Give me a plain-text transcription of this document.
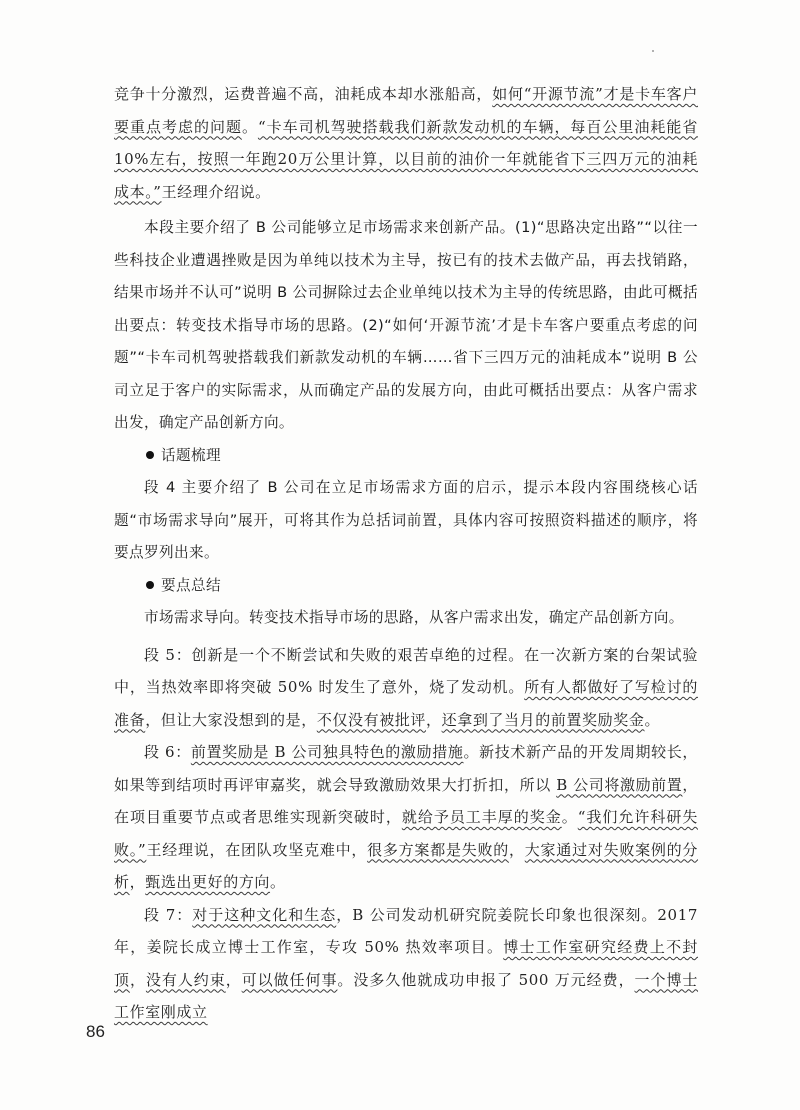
竞争十分激烈，运费普遍不高，油耗成本却水涨船高，如何“开源节流”才是卡车客户要重点考虑的问题。“卡车司机驾驶搭载我们新款发动机的车辆，每百公里油耗能省10%左右，按照一年跑20万公里计算，以目前的油价一年就能省下三四万元的油耗成本。”王经理介绍说。

本段主要介绍了 B 公司能够立足市场需求来创新产品。(1)“思路决定出路”“以往一些科技企业遭遇挫败是因为单纯以技术为主导，按已有的技术去做产品，再去找销路，结果市场并不认可”说明 B 公司摒除过去企业单纯以技术为主导的传统思路，由此可概括出要点：转变技术指导市场的思路。(2)“如何‘开源节流’才是卡车客户要重点考虑的问题”“卡车司机驾驶搭载我们新款发动机的车辆……省下三四万元的油耗成本”说明 B 公司立足于客户的实际需求，从而确定产品的发展方向，由此可概括出要点：从客户需求出发，确定产品创新方向。

话题梳理

段 4 主要介绍了 B 公司在立足市场需求方面的启示，提示本段内容围绕核心话题“市场需求导向”展开，可将其作为总括词前置，具体内容可按照资料描述的顺序，将要点罗列出来。

要点总结

市场需求导向。转变技术指导市场的思路，从客户需求出发，确定产品创新方向。

段 5：创新是一个不断尝试和失败的艰苦卓绝的过程。在一次新方案的台架试验中，当热效率即将突破 50% 时发生了意外，烧了发动机。所有人都做好了写检讨的准备，但让大家没想到的是，不仅没有被批评，还拿到了当月的前置奖励奖金。

段 6：前置奖励是 B 公司独具特色的激励措施。新技术新产品的开发周期较长，如果等到结项时再评审嘉奖，就会导致激励效果大打折扣，所以 B 公司将激励前置，在项目重要节点或者思维实现新突破时，就给予员工丰厚的奖金。“我们允许科研失败。”王经理说，在团队攻坚克难中，很多方案都是失败的，大家通过对失败案例的分析，甄选出更好的方向。

段 7：对于这种文化和生态，B 公司发动机研究院姜院长印象也很深刻。2017 年，姜院长成立博士工作室，专攻 50% 热效率项目。博士工作室研究经费上不封顶，没有人约束，可以做任何事。没多久他就成功申报了 500 万元经费，一个博士工作室刚成立

86
